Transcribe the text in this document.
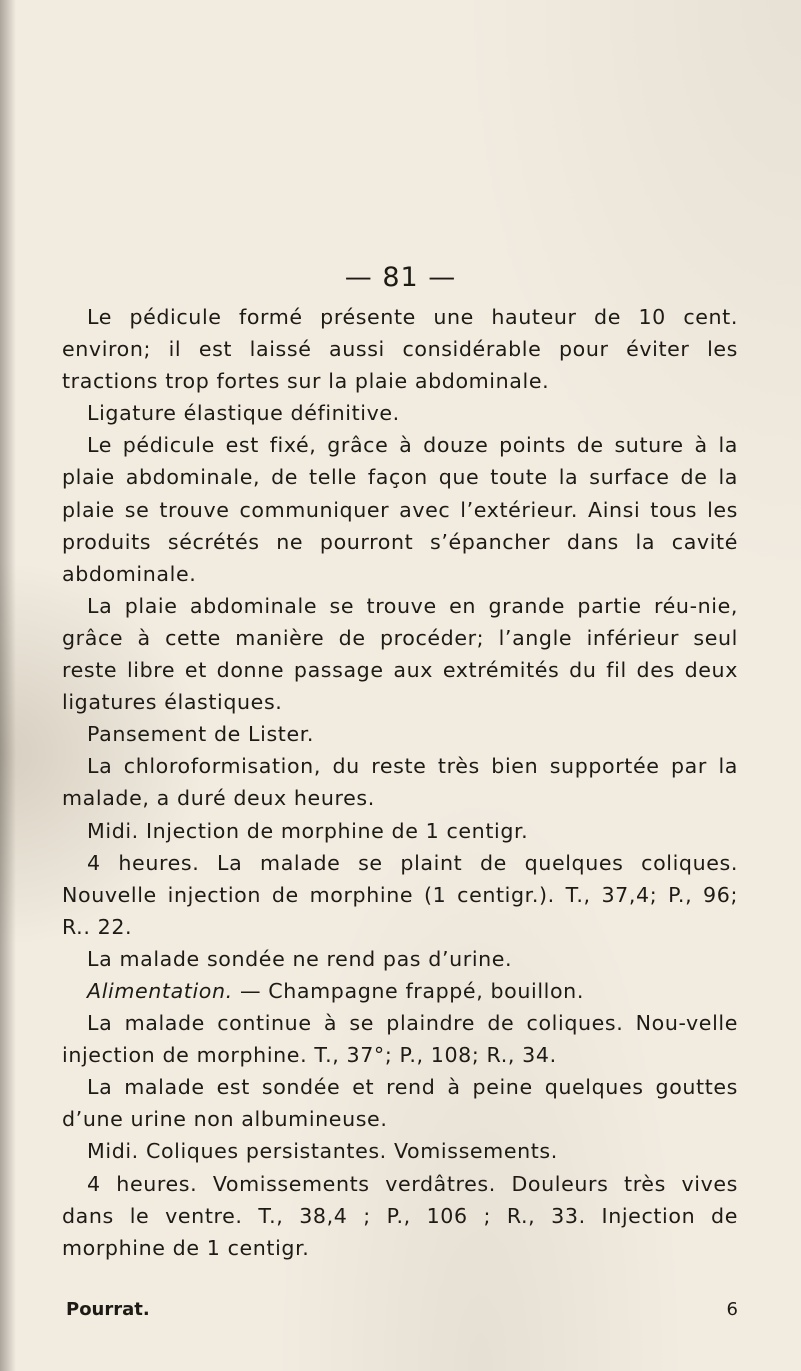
— 81 —

Le pédicule formé présente une hauteur de 10 cent. environ; il est laissé aussi considérable pour éviter les tractions trop fortes sur la plaie abdominale.

Ligature élastique définitive.

Le pédicule est fixé, grâce à douze points de suture à la plaie abdominale, de telle façon que toute la surface de la plaie se trouve communiquer avec l’extérieur. Ainsi tous les produits sécrétés ne pourront s’épancher dans la cavité abdominale.

La plaie abdominale se trouve en grande partie réu-nie, grâce à cette manière de procéder; l’angle inférieur seul reste libre et donne passage aux extrémités du fil des deux ligatures élastiques.

Pansement de Lister.

La chloroformisation, du reste très bien supportée par la malade, a duré deux heures.

Midi. Injection de morphine de 1 centigr.

4 heures. La malade se plaint de quelques coliques. Nouvelle injection de morphine (1 centigr.). T., 37,4; P., 96; R.. 22.

La malade sondée ne rend pas d’urine.

Alimentation. — Champagne frappé, bouillon.

La malade continue à se plaindre de coliques. Nou-velle injection de morphine. T., 37°; P., 108; R., 34.

La malade est sondée et rend à peine quelques gouttes d’une urine non albumineuse.

Midi. Coliques persistantes. Vomissements.

4 heures. Vomissements verdâtres. Douleurs très vives dans le ventre. T., 38,4 ; P., 106 ; R., 33. Injection de morphine de 1 centigr.

Pourrat.	6
